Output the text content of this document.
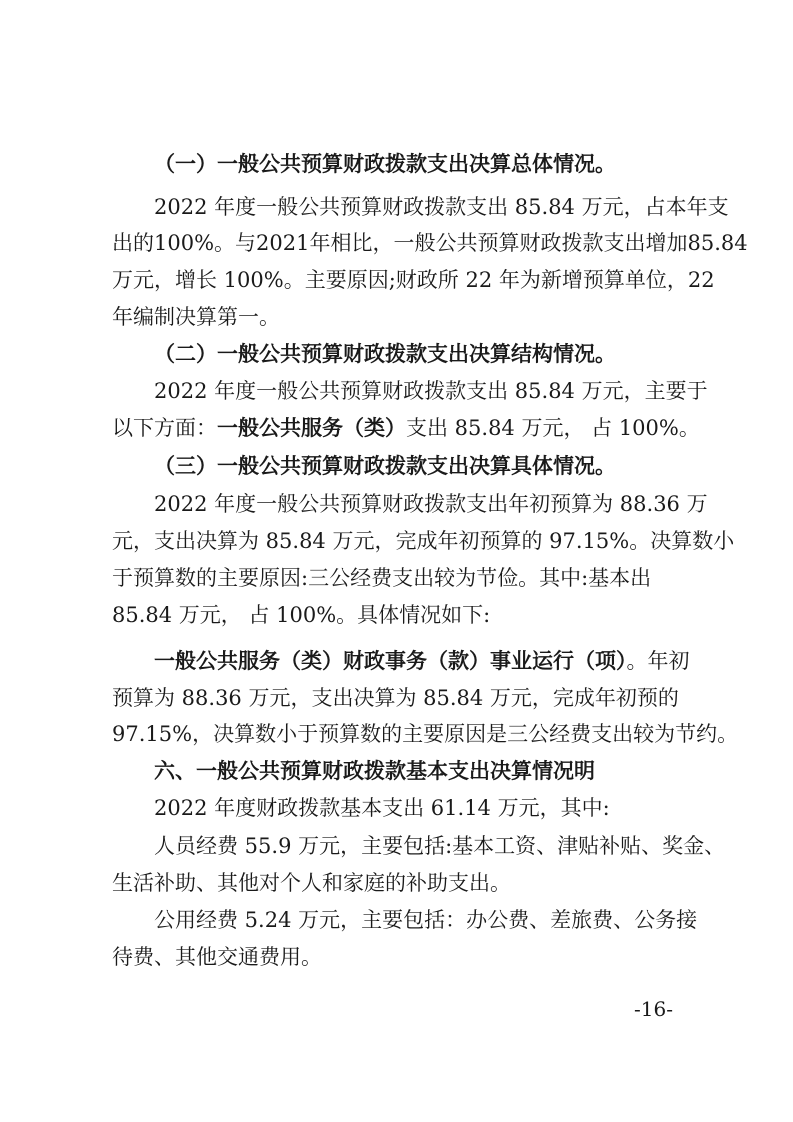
（一）一般公共预算财政拨款支出决算总体情况。
2022 年度一般公共预算财政拨款支出 85.84 万元，占本年支
出的100%。与2021年相比，一般公共预算财政拨款支出增加85.84
万元，增长 100%。主要原因;财政所 22 年为新增预算单位，22
年编制决算第一。
（二）一般公共预算财政拨款支出决算结构情况。
2022 年度一般公共预算财政拨款支出 85.84 万元，主要于
以下方面：一般公共服务（类）支出 85.84 万元， 占 100%。
（三）一般公共预算财政拨款支出决算具体情况。
2022 年度一般公共预算财政拨款支出年初预算为 88.36 万
元，支出决算为 85.84 万元，完成年初预算的 97.15%。决算数小
于预算数的主要原因:三公经费支出较为节俭。其中:基本出
85.84 万元， 占 100%。具体情况如下:
一般公共服务（类）财政事务（款）事业运行（项）。年初
预算为 88.36 万元，支出决算为 85.84 万元，完成年初预的
97.15%，决算数小于预算数的主要原因是三公经费支出较为节约。
六、一般公共预算财政拨款基本支出决算情况明
2022 年度财政拨款基本支出 61.14 万元，其中:
人员经费 55.9 万元，主要包括:基本工资、津贴补贴、奖金、
生活补助、其他对个人和家庭的补助支出。
公用经费 5.24 万元，主要包括：办公费、差旅费、公务接
待费、其他交通费用。
-16-
